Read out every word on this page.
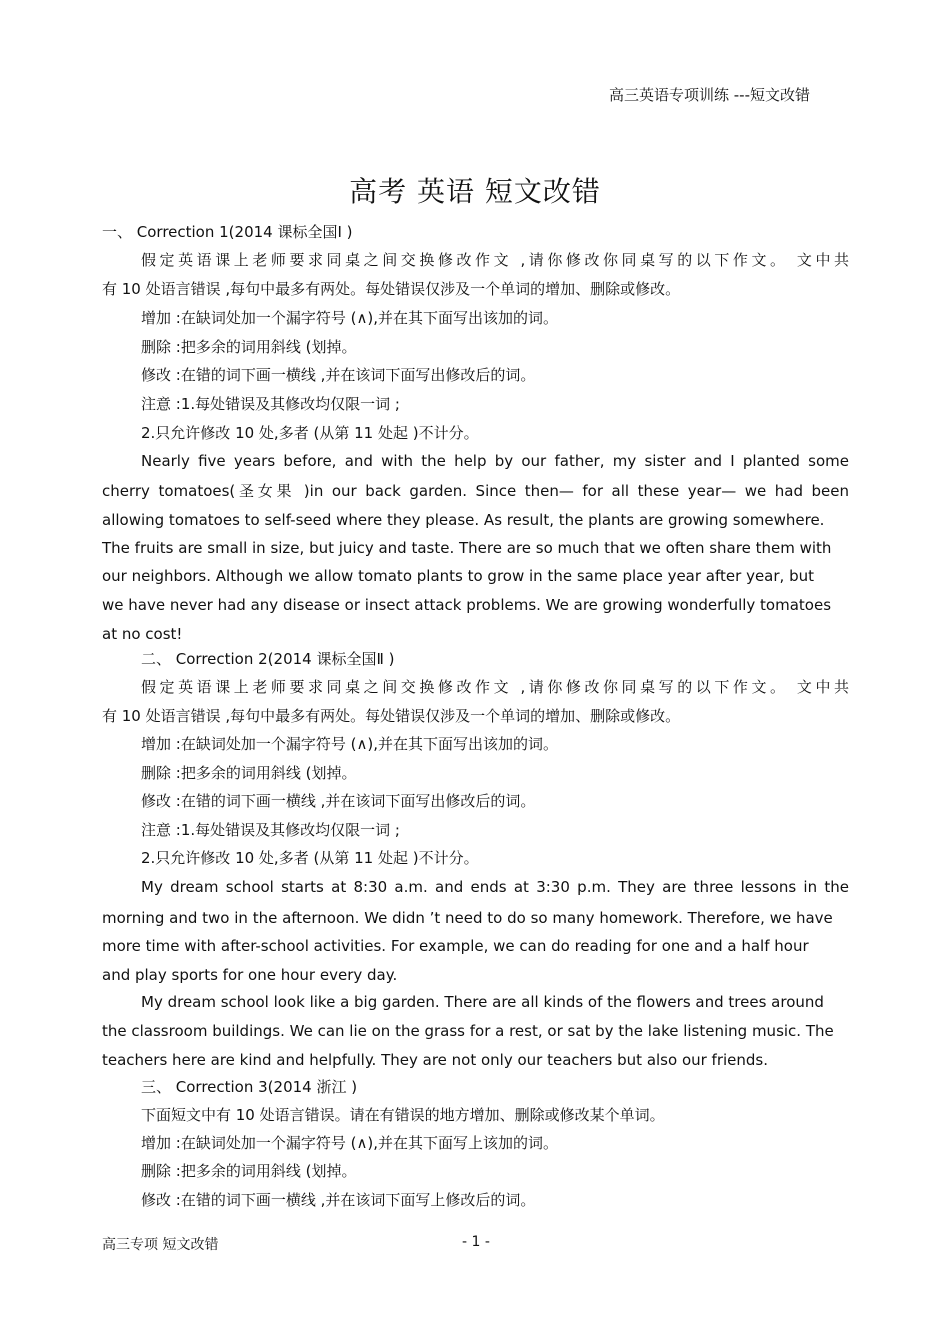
高三英语专项训练 ---短文改错
高考 英语 短文改错
一、 Correction 1(2014 课标全国Ⅰ )
假定英语课上老师要求同桌之间交换修改作文 ,请你修改你同桌写的以下作文。 文中共
有 10 处语言错误 ,每句中最多有两处。每处错误仅涉及一个单词的增加、删除或修改。
增加 :在缺词处加一个漏字符号 (∧),并在其下面写出该加的词。
删除 :把多余的词用斜线 (划掉。
修改 :在错的词下画一横线 ,并在该词下面写出修改后的词。
注意 :1.每处错误及其修改均仅限一词 ;
2.只允许修改 10 处,多者 (从第 11 处起 )不计分。
Nearly five years before, and with the help by our father, my sister and I planted some
cherry tomatoes(圣女果 )in our back garden. Since then— for all these year— we had been
allowing tomatoes to self-seed where they please. As result, the plants are growing somewhere.
The fruits are small in size, but juicy and taste. There are so much that we often share them with
our neighbors. Although we allow tomato plants to grow in the same place year after year, but
we have never had any disease or insect attack problems. We are growing wonderfully tomatoes
at no cost!
二、 Correction 2(2014 课标全国Ⅱ )
假定英语课上老师要求同桌之间交换修改作文 ,请你修改你同桌写的以下作文。 文中共
有 10 处语言错误 ,每句中最多有两处。每处错误仅涉及一个单词的增加、删除或修改。
增加 :在缺词处加一个漏字符号 (∧),并在其下面写出该加的词。
删除 :把多余的词用斜线 (划掉。
修改 :在错的词下画一横线 ,并在该词下面写出修改后的词。
注意 :1.每处错误及其修改均仅限一词 ;
2.只允许修改 10 处,多者 (从第 11 处起 )不计分。
My dream school starts at 8:30 a.m. and ends at 3:30 p.m. They are three lessons in the
morning and two in the afternoon. We didn ’t need to do so many homework. Therefore, we have
more time with after-school activities. For example, we can do reading for one and a half hour
and play sports for one hour every day.
My dream school look like a big garden. There are all kinds of the flowers and trees around
the classroom buildings. We can lie on the grass for a rest, or sat by the lake listening music. The
teachers here are kind and helpfully. They are not only our teachers but also our friends.
三、 Correction 3(2014 浙江 )
下面短文中有 10 处语言错误。请在有错误的地方增加、删除或修改某个单词。
增加 :在缺词处加一个漏字符号 (∧),并在其下面写上该加的词。
删除 :把多余的词用斜线 (划掉。
修改 :在错的词下画一横线 ,并在该词下面写上修改后的词。
高三专项 短文改错	- 1 -
